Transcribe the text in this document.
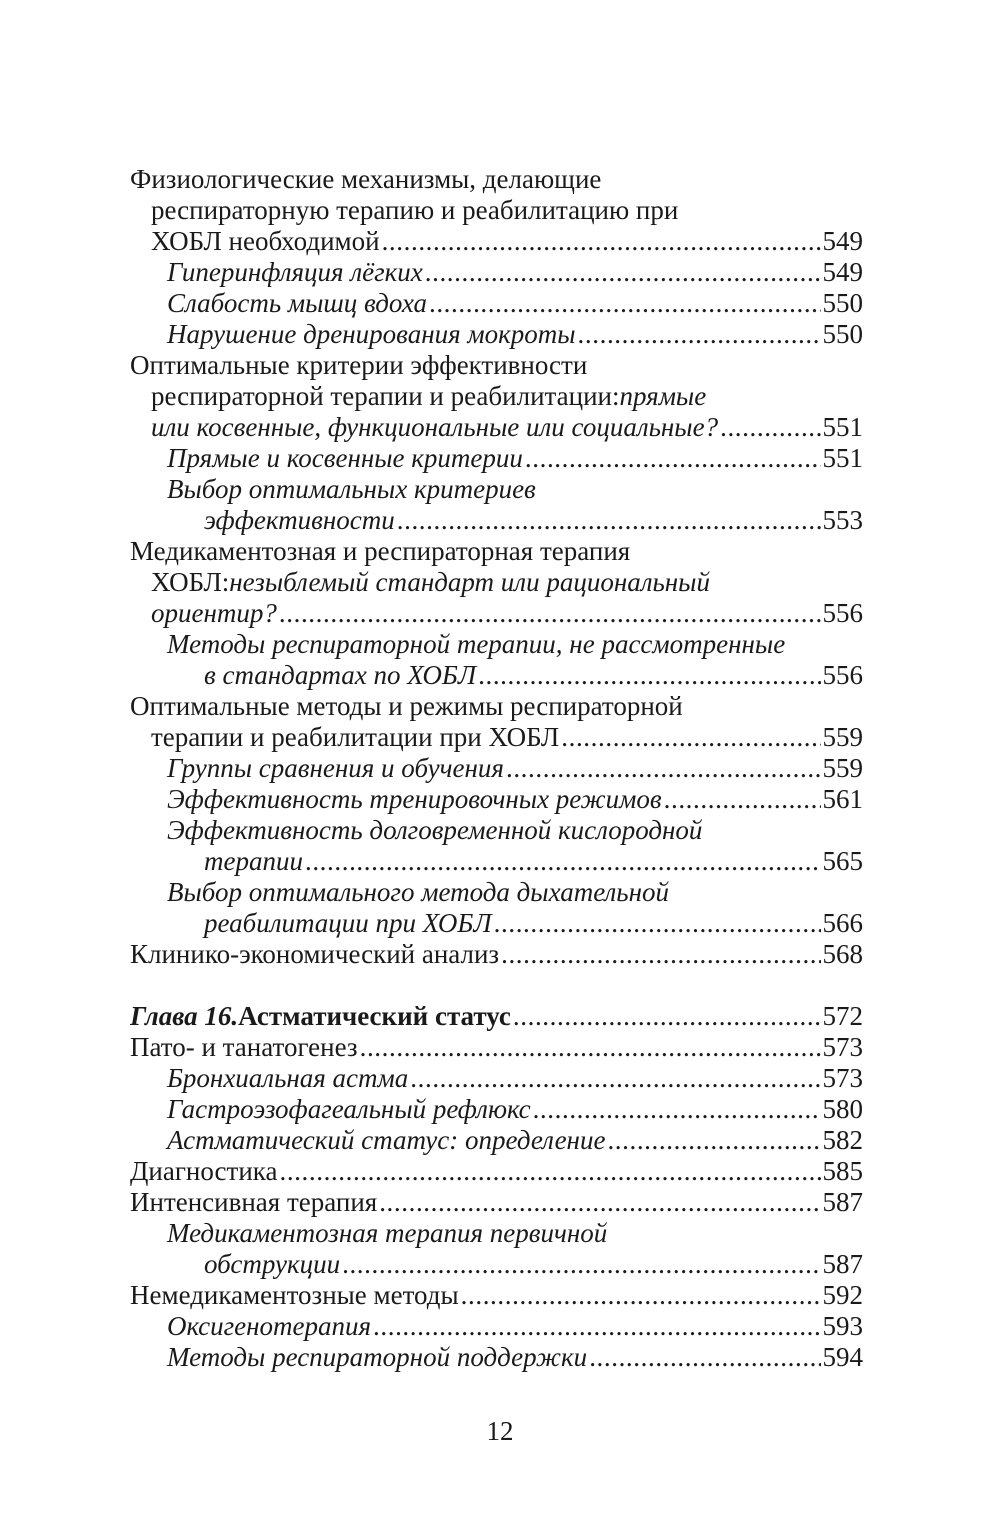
Физиологические механизмы, делающие
респираторную терапию и реабилитацию при
ХОБЛ необходимой .....	549
Гиперинфляция лёгких .....	549
Слабость мышц вдоха .....	550
Нарушение дренирования мокроты .....	550
Оптимальные критерии эффективности
респираторной терапии и реабилитации: прямые
или косвенные, функциональные или социальные? .....	551
Прямые и косвенные критерии .....	551
Выбор оптимальных критериев
эффективности .....	553
Медикаментозная и респираторная терапия
ХОБЛ: незыблемый стандарт или рациональный
ориентир? .....	556
Методы респираторной терапии, не рассмотренные
в стандартах по ХОБЛ .....	556
Оптимальные методы и режимы респираторной
терапии и реабилитации при ХОБЛ .....	559
Группы сравнения и обучения .....	559
Эффективность тренировочных режимов .....	561
Эффективность долговременной кислородной
терапии .....	565
Выбор оптимального метода дыхательной
реабилитации при ХОБЛ .....	566
Клинико-экономический анализ .....	568
Глава 16. Астматический статус .....	572
Пато- и танатогенез .....	573
Бронхиальная астма .....	573
Гастроэзофагеальный рефлюкс .....	580
Астматический статус: определение .....	582
Диагностика .....	585
Интенсивная терапия .....	587
Медикаментозная терапия первичной
обструкции .....	587
Немедикаментозные методы .....	592
Оксигенотерапия .....	593
Методы респираторной поддержки .....	594
12
